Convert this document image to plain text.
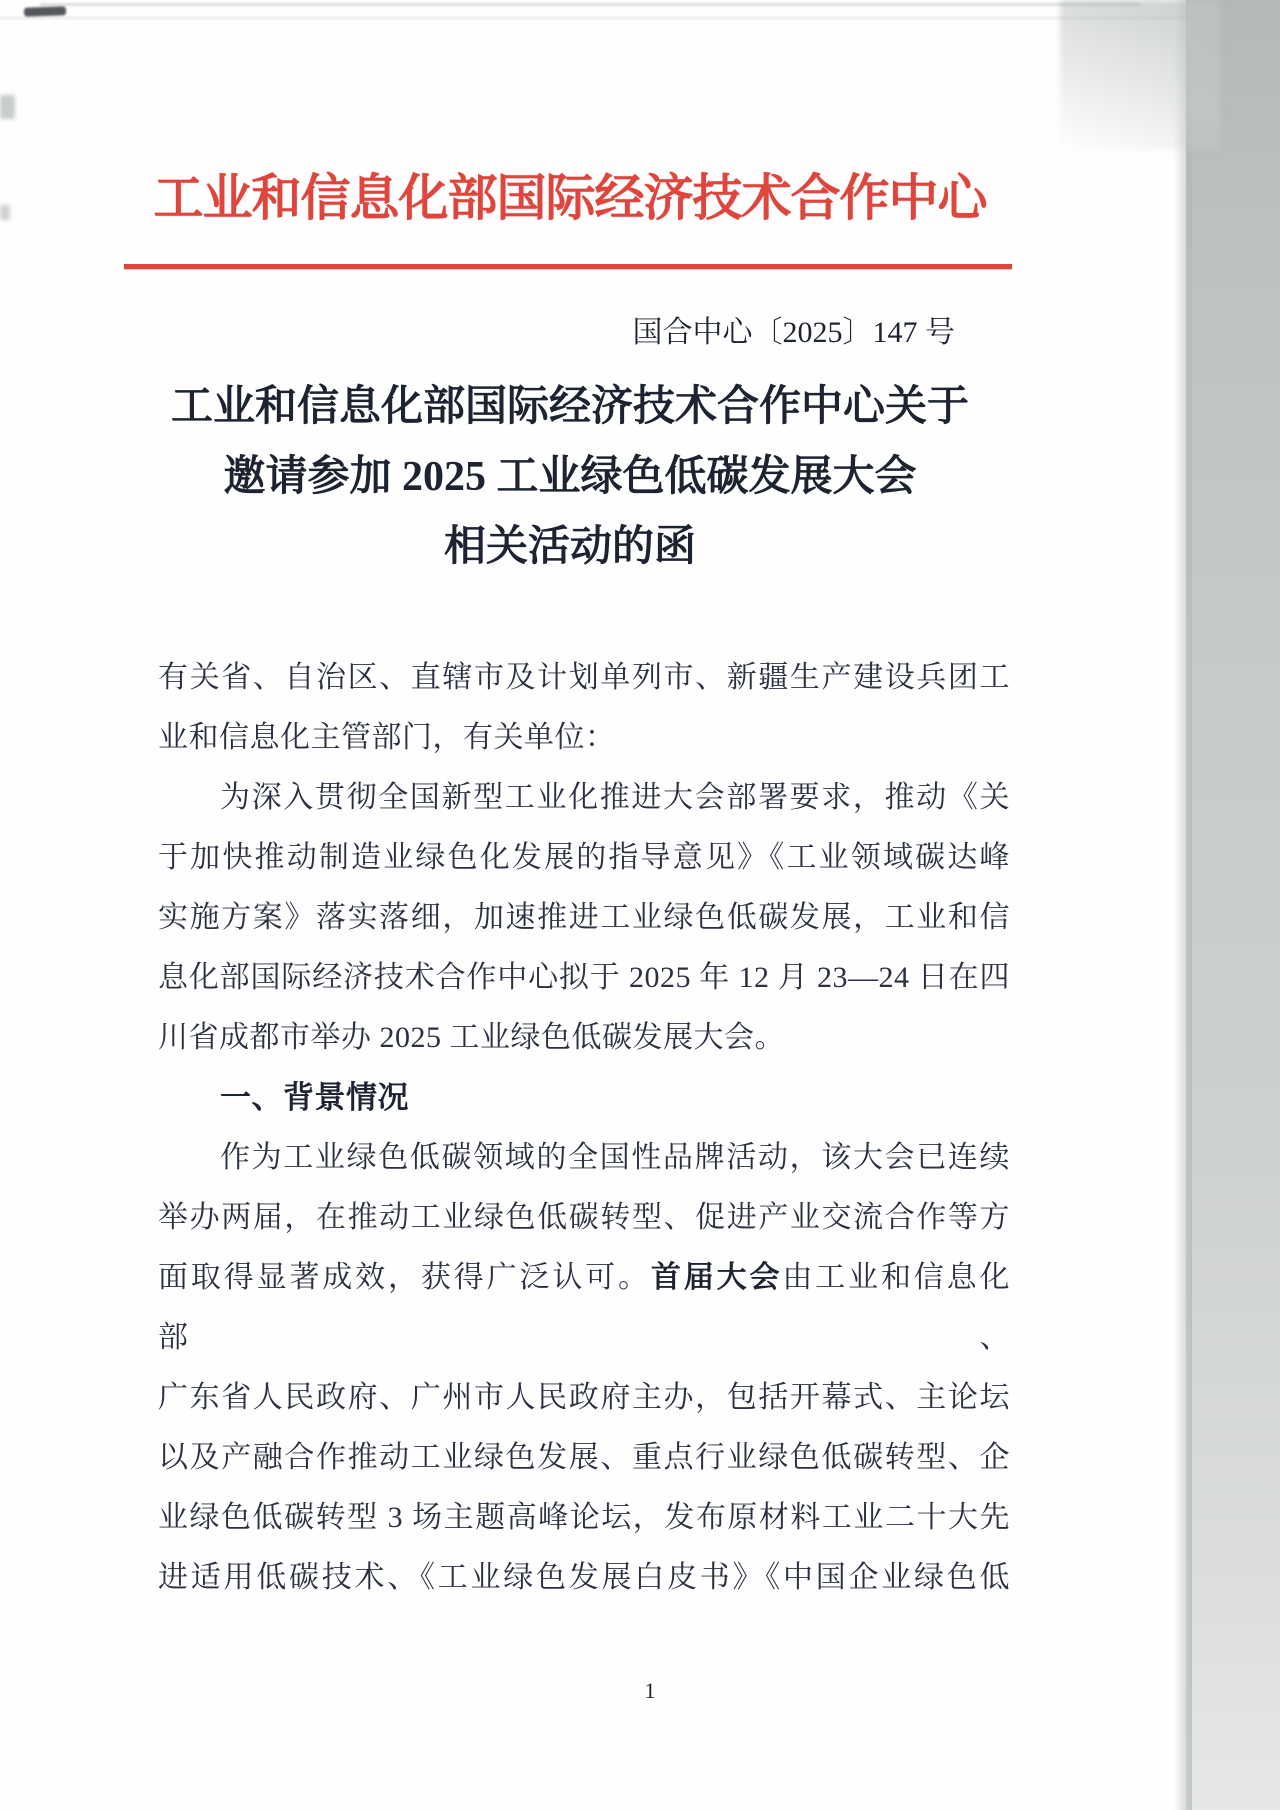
工业和信息化部国际经济技术合作中心
国合中心〔2025〕147 号
工业和信息化部国际经济技术合作中心关于
邀请参加 2025 工业绿色低碳发展大会
相关活动的函
有关省、自治区、直辖市及计划单列市、新疆生产建设兵团工
业和信息化主管部门，有关单位：
为深入贯彻全国新型工业化推进大会部署要求，推动《关
于加快推动制造业绿色化发展的指导意见》《工业领域碳达峰
实施方案》落实落细，加速推进工业绿色低碳发展，工业和信
息化部国际经济技术合作中心拟于 2025 年 12 月 23—24 日在四
川省成都市举办 2025 工业绿色低碳发展大会。
一、背景情况
作为工业绿色低碳领域的全国性品牌活动，该大会已连续
举办两届，在推动工业绿色低碳转型、促进产业交流合作等方
面取得显著成效，获得广泛认可。首届大会由工业和信息化部、
广东省人民政府、广州市人民政府主办，包括开幕式、主论坛
以及产融合作推动工业绿色发展、重点行业绿色低碳转型、企
业绿色低碳转型 3 场主题高峰论坛，发布原材料工业二十大先
进适用低碳技术、《工业绿色发展白皮书》《中国企业绿色低
1
